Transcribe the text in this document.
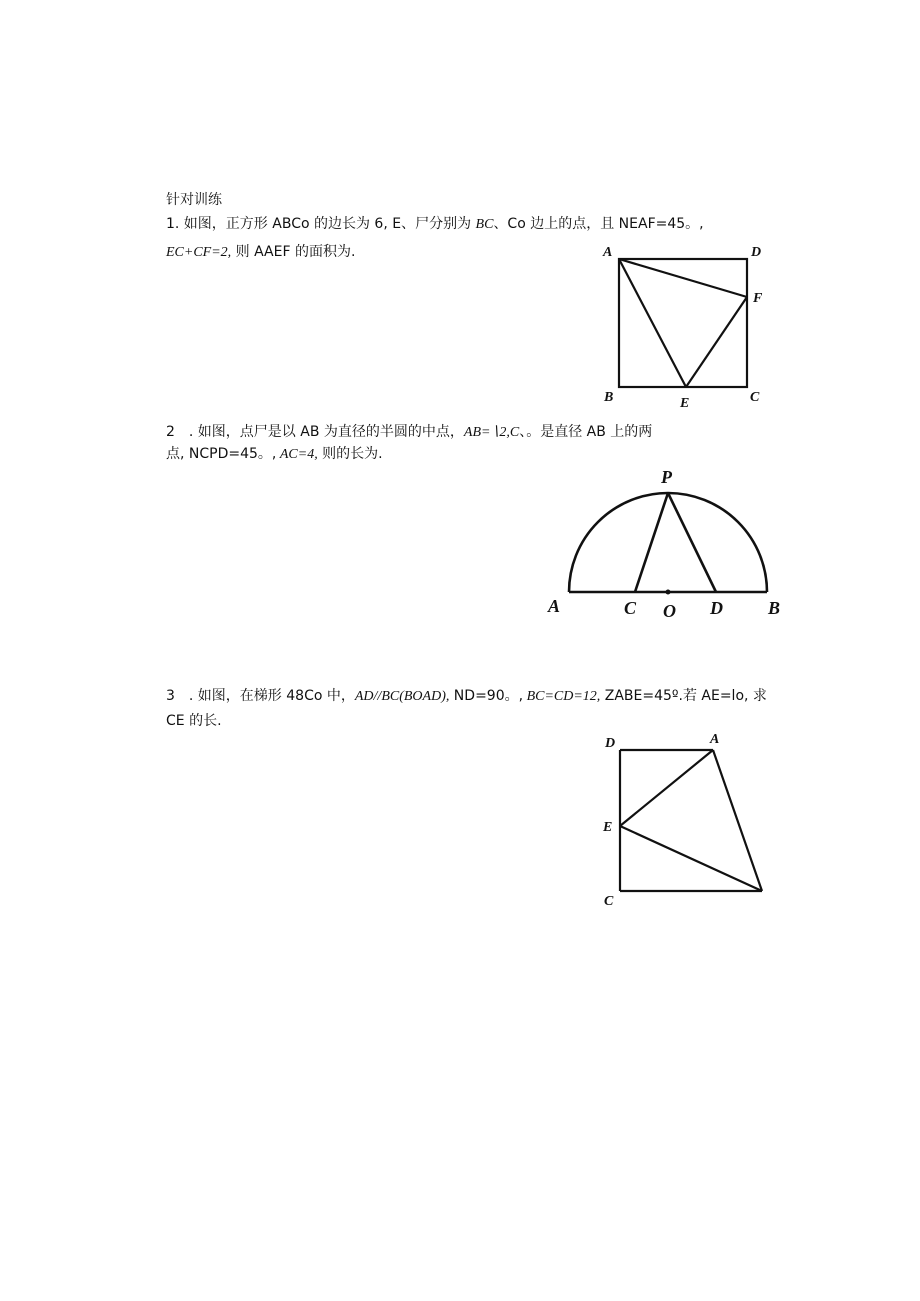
针对训练
1. 如图，正方形 ABCo 的边长为 6, E、尸分别为 BC、Co 边上的点，且 NEAF=45。,
EC+CF=2, 则 AAEF 的面积为.	A	D
F
B	E	C
2　. 如图，点尸是以 AB 为直径的半圆的中点，AB=∖2,C、。是直径 AB 上的两
点, NCPD=45。, AC=4, 则的长为.
P
A	C O D	B
3　. 如图，在梯形 48Co 中，AD//BC(BOAD), ND=90。, BC=CD=12, ZABE=45º.若 AE=lo, 求
CE 的长.
D	A
E
C
